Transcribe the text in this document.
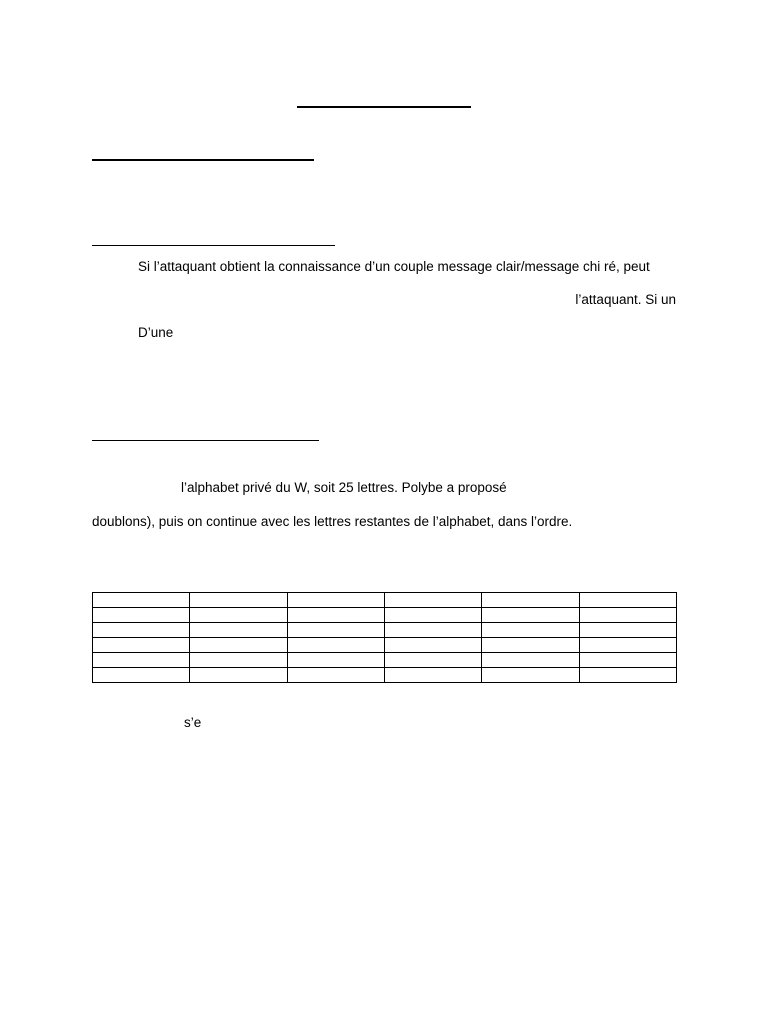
Si l’attaquant obtient la connaissance d’un couple message clair/message chi ré, peut
l’attaquant. Si un
D’une
l’alphabet privé du W, soit 25 lettres. Polybe a proposé
doublons), puis on continue avec les lettres restantes de l’alphabet, dans l’ordre.

s’e
